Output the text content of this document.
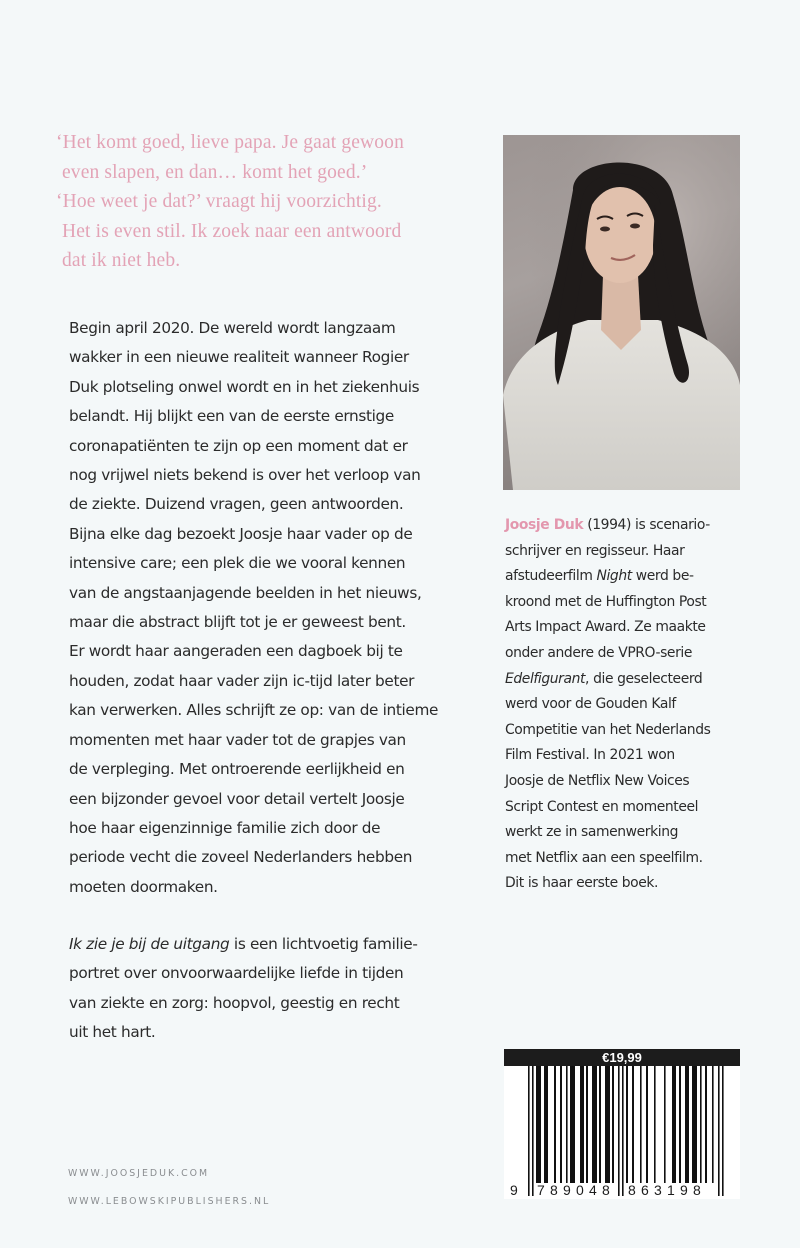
‘Het komt goed, lieve papa. Je gaat gewoon
even slapen, en dan… komt het goed.’
‘Hoe weet je dat?’ vraagt hij voorzichtig.
Het is even stil. Ik zoek naar een antwoord
dat ik niet heb.
Begin april 2020. De wereld wordt langzaam
wakker in een nieuwe realiteit wanneer Rogier
Duk plotseling onwel wordt en in het ziekenhuis
belandt. Hij blijkt een van de eerste ernstige
coronapatiënten te zijn op een moment dat er
nog vrijwel niets bekend is over het verloop van
de ziekte. Duizend vragen, geen antwoorden.
Bijna elke dag bezoekt Joosje haar vader op de
intensive care; een plek die we vooral kennen
van de angstaanjagende beelden in het nieuws,
maar die abstract blijft tot je er geweest bent.
Er wordt haar aangeraden een dagboek bij te
houden, zodat haar vader zijn ic-tijd later beter
kan verwerken. Alles schrijft ze op: van de intieme
momenten met haar vader tot de grapjes van
de verpleging. Met ontroerende eerlijkheid en
een bijzonder gevoel voor detail vertelt Joosje
hoe haar eigenzinnige familie zich door de
periode vecht die zoveel Nederlanders hebben
moeten doormaken.
Ik zie je bij de uitgang is een lichtvoetig familie-
portret over onvoorwaardelijke liefde in tijden
van ziekte en zorg: hoopvol, geestig en recht
uit het hart.
WWW.JOOSJEDUK.COM
WWW.LEBOWSKIPUBLISHERS.NL
Joosje Duk (1994) is scenario-
schrijver en regisseur. Haar
afstudeerfilm Night werd be-
kroond met de Huffington Post
Arts Impact Award. Ze maakte
onder andere de VPRO-serie
Edelfigurant, die geselecteerd
werd voor de Gouden Kalf
Competitie van het Nederlands
Film Festival. In 2021 won
Joosje de Netflix New Voices
Script Contest en momenteel
werkt ze in samenwerking
met Netflix aan een speelfilm.
Dit is haar eerste boek.
€19,99
9 7 8 9 0 4 8 8 6 3 1 9 8
